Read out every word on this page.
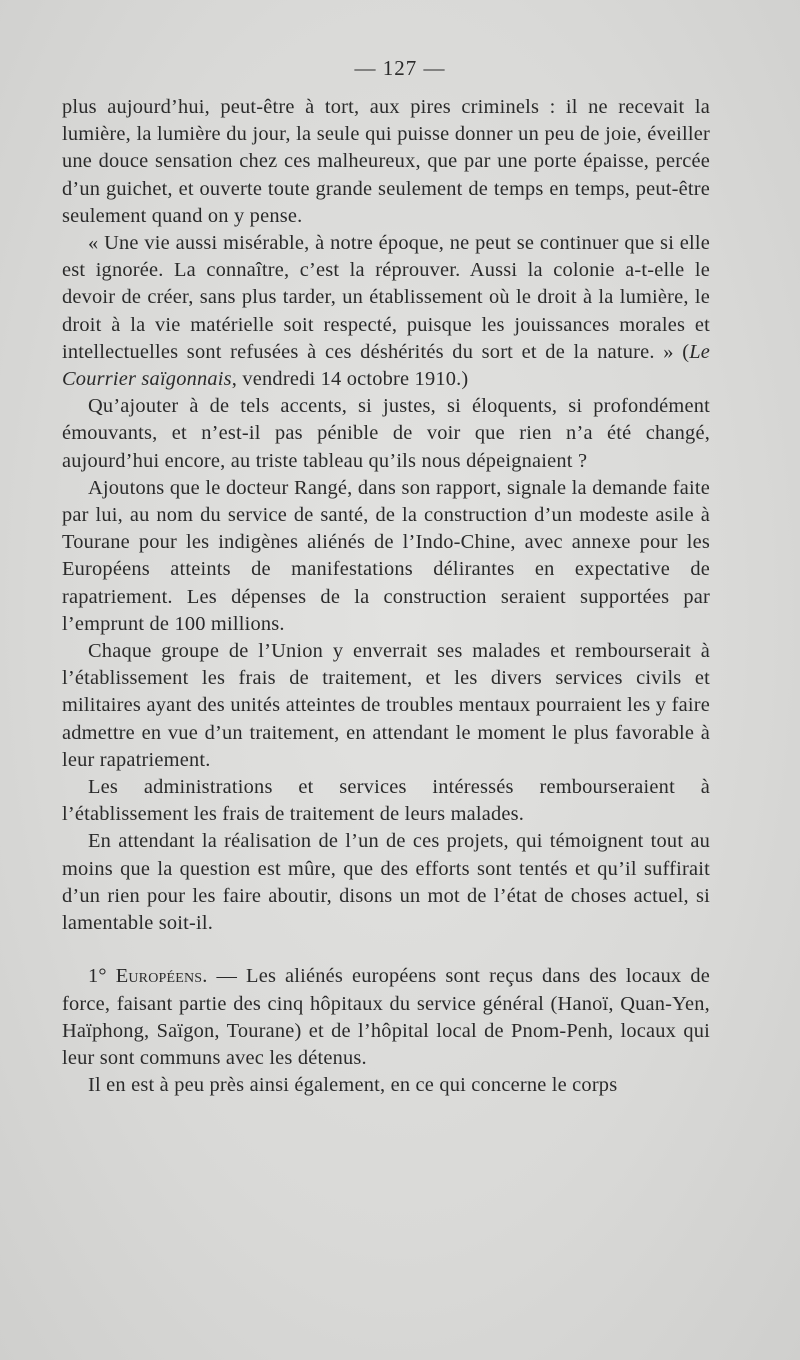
— 127 —

plus aujourd’hui, peut-être à tort, aux pires criminels : il ne recevait la lumière, la lumière du jour, la seule qui puisse donner un peu de joie, éveiller une douce sensation chez ces malheureux, que par une porte épaisse, percée d’un guichet, et ouverte toute grande seulement de temps en temps, peut-être seulement quand on y pense.

« Une vie aussi misérable, à notre époque, ne peut se continuer que si elle est ignorée. La connaître, c’est la réprouver. Aussi la colonie a-t-elle le devoir de créer, sans plus tarder, un établissement où le droit à la lumière, le droit à la vie matérielle soit respecté, puisque les jouissances morales et intellectuelles sont refusées à ces déshérités du sort et de la nature. » (Le Courrier saïgonnais, vendredi 14 octobre 1910.)

Qu’ajouter à de tels accents, si justes, si éloquents, si profondément émouvants, et n’est-il pas pénible de voir que rien n’a été changé, aujourd’hui encore, au triste tableau qu’ils nous dépeignaient ?

Ajoutons que le docteur Rangé, dans son rapport, signale la demande faite par lui, au nom du service de santé, de la construction d’un modeste asile à Tourane pour les indigènes aliénés de l’Indo-Chine, avec annexe pour les Européens atteints de manifestations délirantes en expectative de rapatriement. Les dépenses de la construction seraient supportées par l’emprunt de 100 millions.

Chaque groupe de l’Union y enverrait ses malades et rembourserait à l’établissement les frais de traitement, et les divers services civils et militaires ayant des unités atteintes de troubles mentaux pourraient les y faire admettre en vue d’un traitement, en attendant le moment le plus favorable à leur rapatriement.

Les administrations et services intéressés rembourseraient à l’établissement les frais de traitement de leurs malades.

En attendant la réalisation de l’un de ces projets, qui témoignent tout au moins que la question est mûre, que des efforts sont tentés et qu’il suffirait d’un rien pour les faire aboutir, disons un mot de l’état de choses actuel, si lamentable soit-il.

1° Européens. — Les aliénés européens sont reçus dans des locaux de force, faisant partie des cinq hôpitaux du service général (Hanoï, Quan-Yen, Haïphong, Saïgon, Tourane) et de l’hôpital local de Pnom-Penh, locaux qui leur sont communs avec les détenus.

Il en est à peu près ainsi également, en ce qui concerne le corps
